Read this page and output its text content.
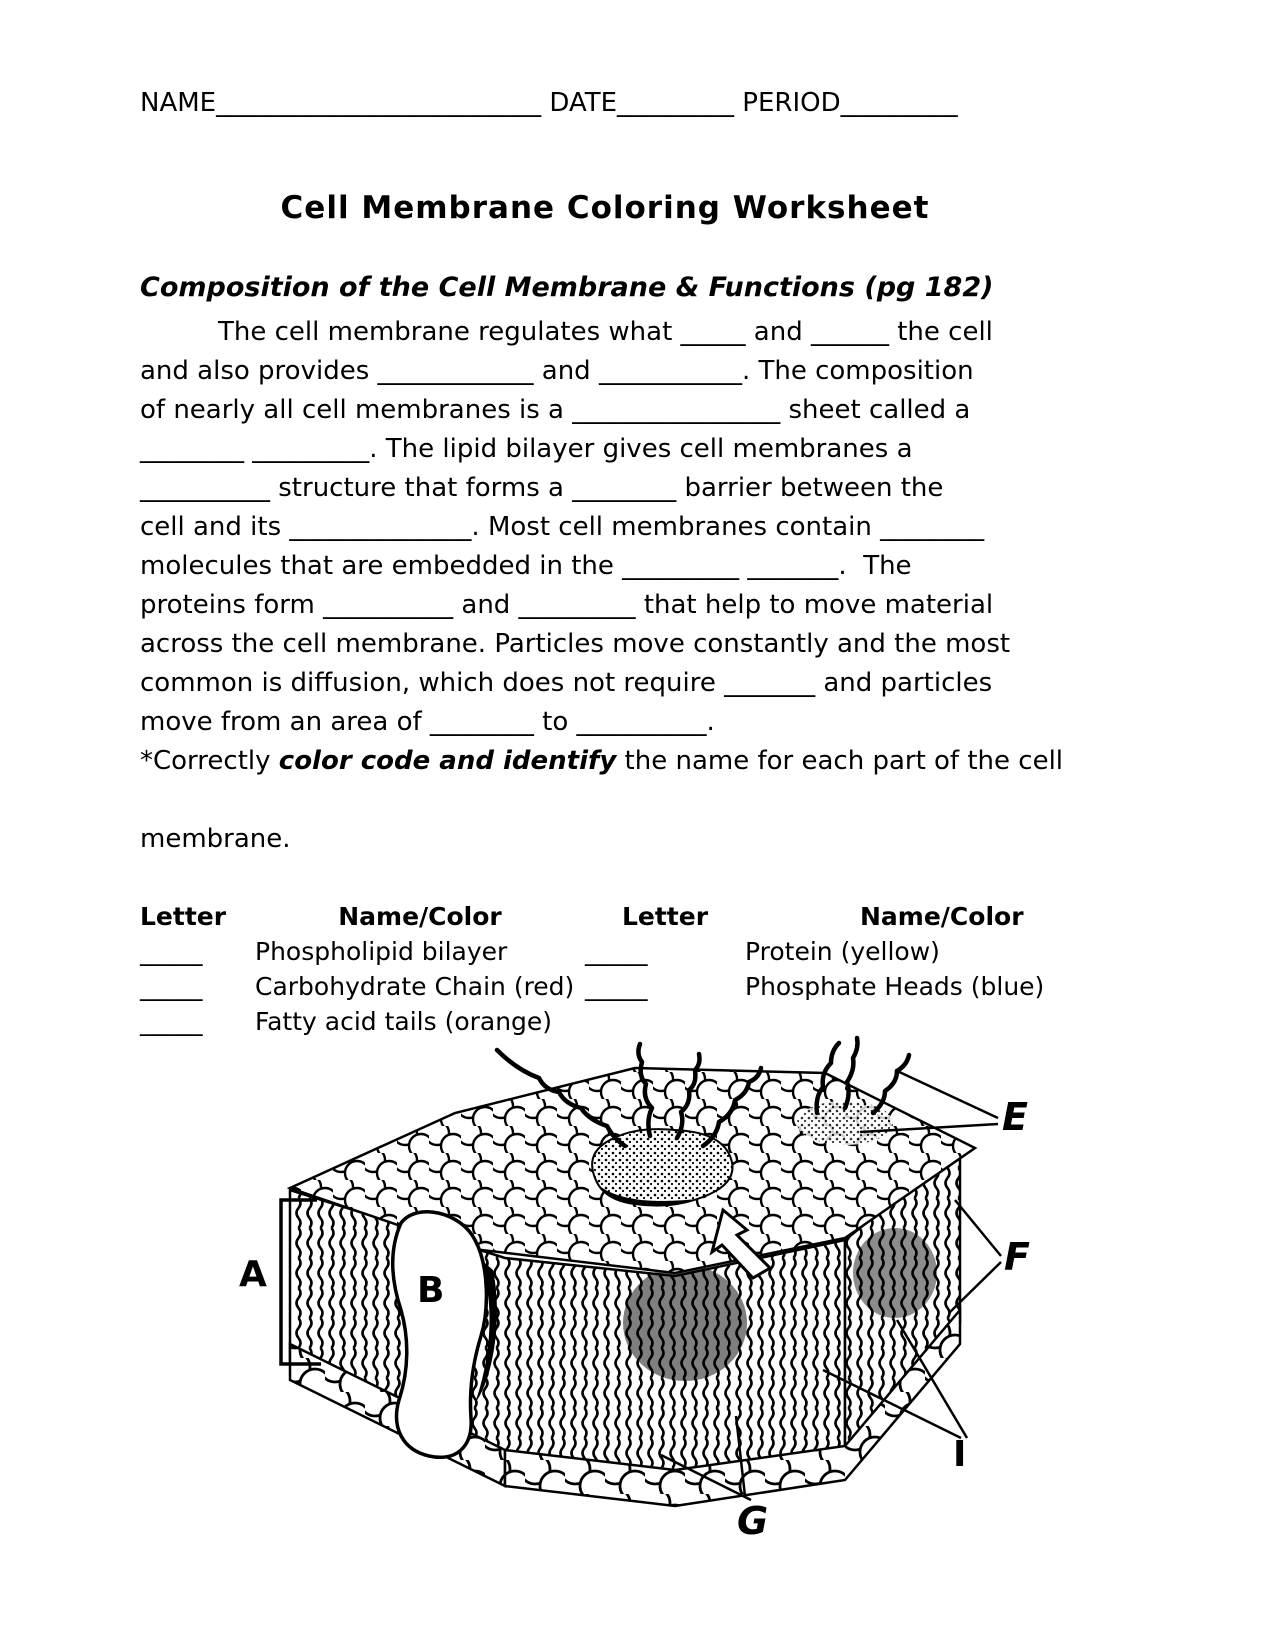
NAME_________________________ DATE_________ PERIOD_________

Cell Membrane Coloring Worksheet
Composition of the Cell Membrane & Functions (pg 182)
The cell membrane regulates what _____ and ______ the cell
and also provides ____________ and ___________. The composition
of nearly all cell membranes is a ________________ sheet called a
________ _________. The lipid bilayer gives cell membranes a
__________ structure that forms a ________ barrier between the
cell and its ______________. Most cell membranes contain ________
molecules that are embedded in the _________ _______.  The
proteins form __________ and _________ that help to move material
across the cell membrane. Particles move constantly and the most
common is diffusion, which does not require _______ and particles
move from an area of ________ to __________.
*Correctly color code and identify the name for each part of the cell

membrane.
Letter	Name/Color	Letter	Name/Color
_____	Phospholipid bilayer	_____	Protein (yellow)
_____	Carbohydrate Chain (red) _____	Phosphate Heads (blue)
_____	Fatty acid tails (orange)
A	B
E
F
G
I
